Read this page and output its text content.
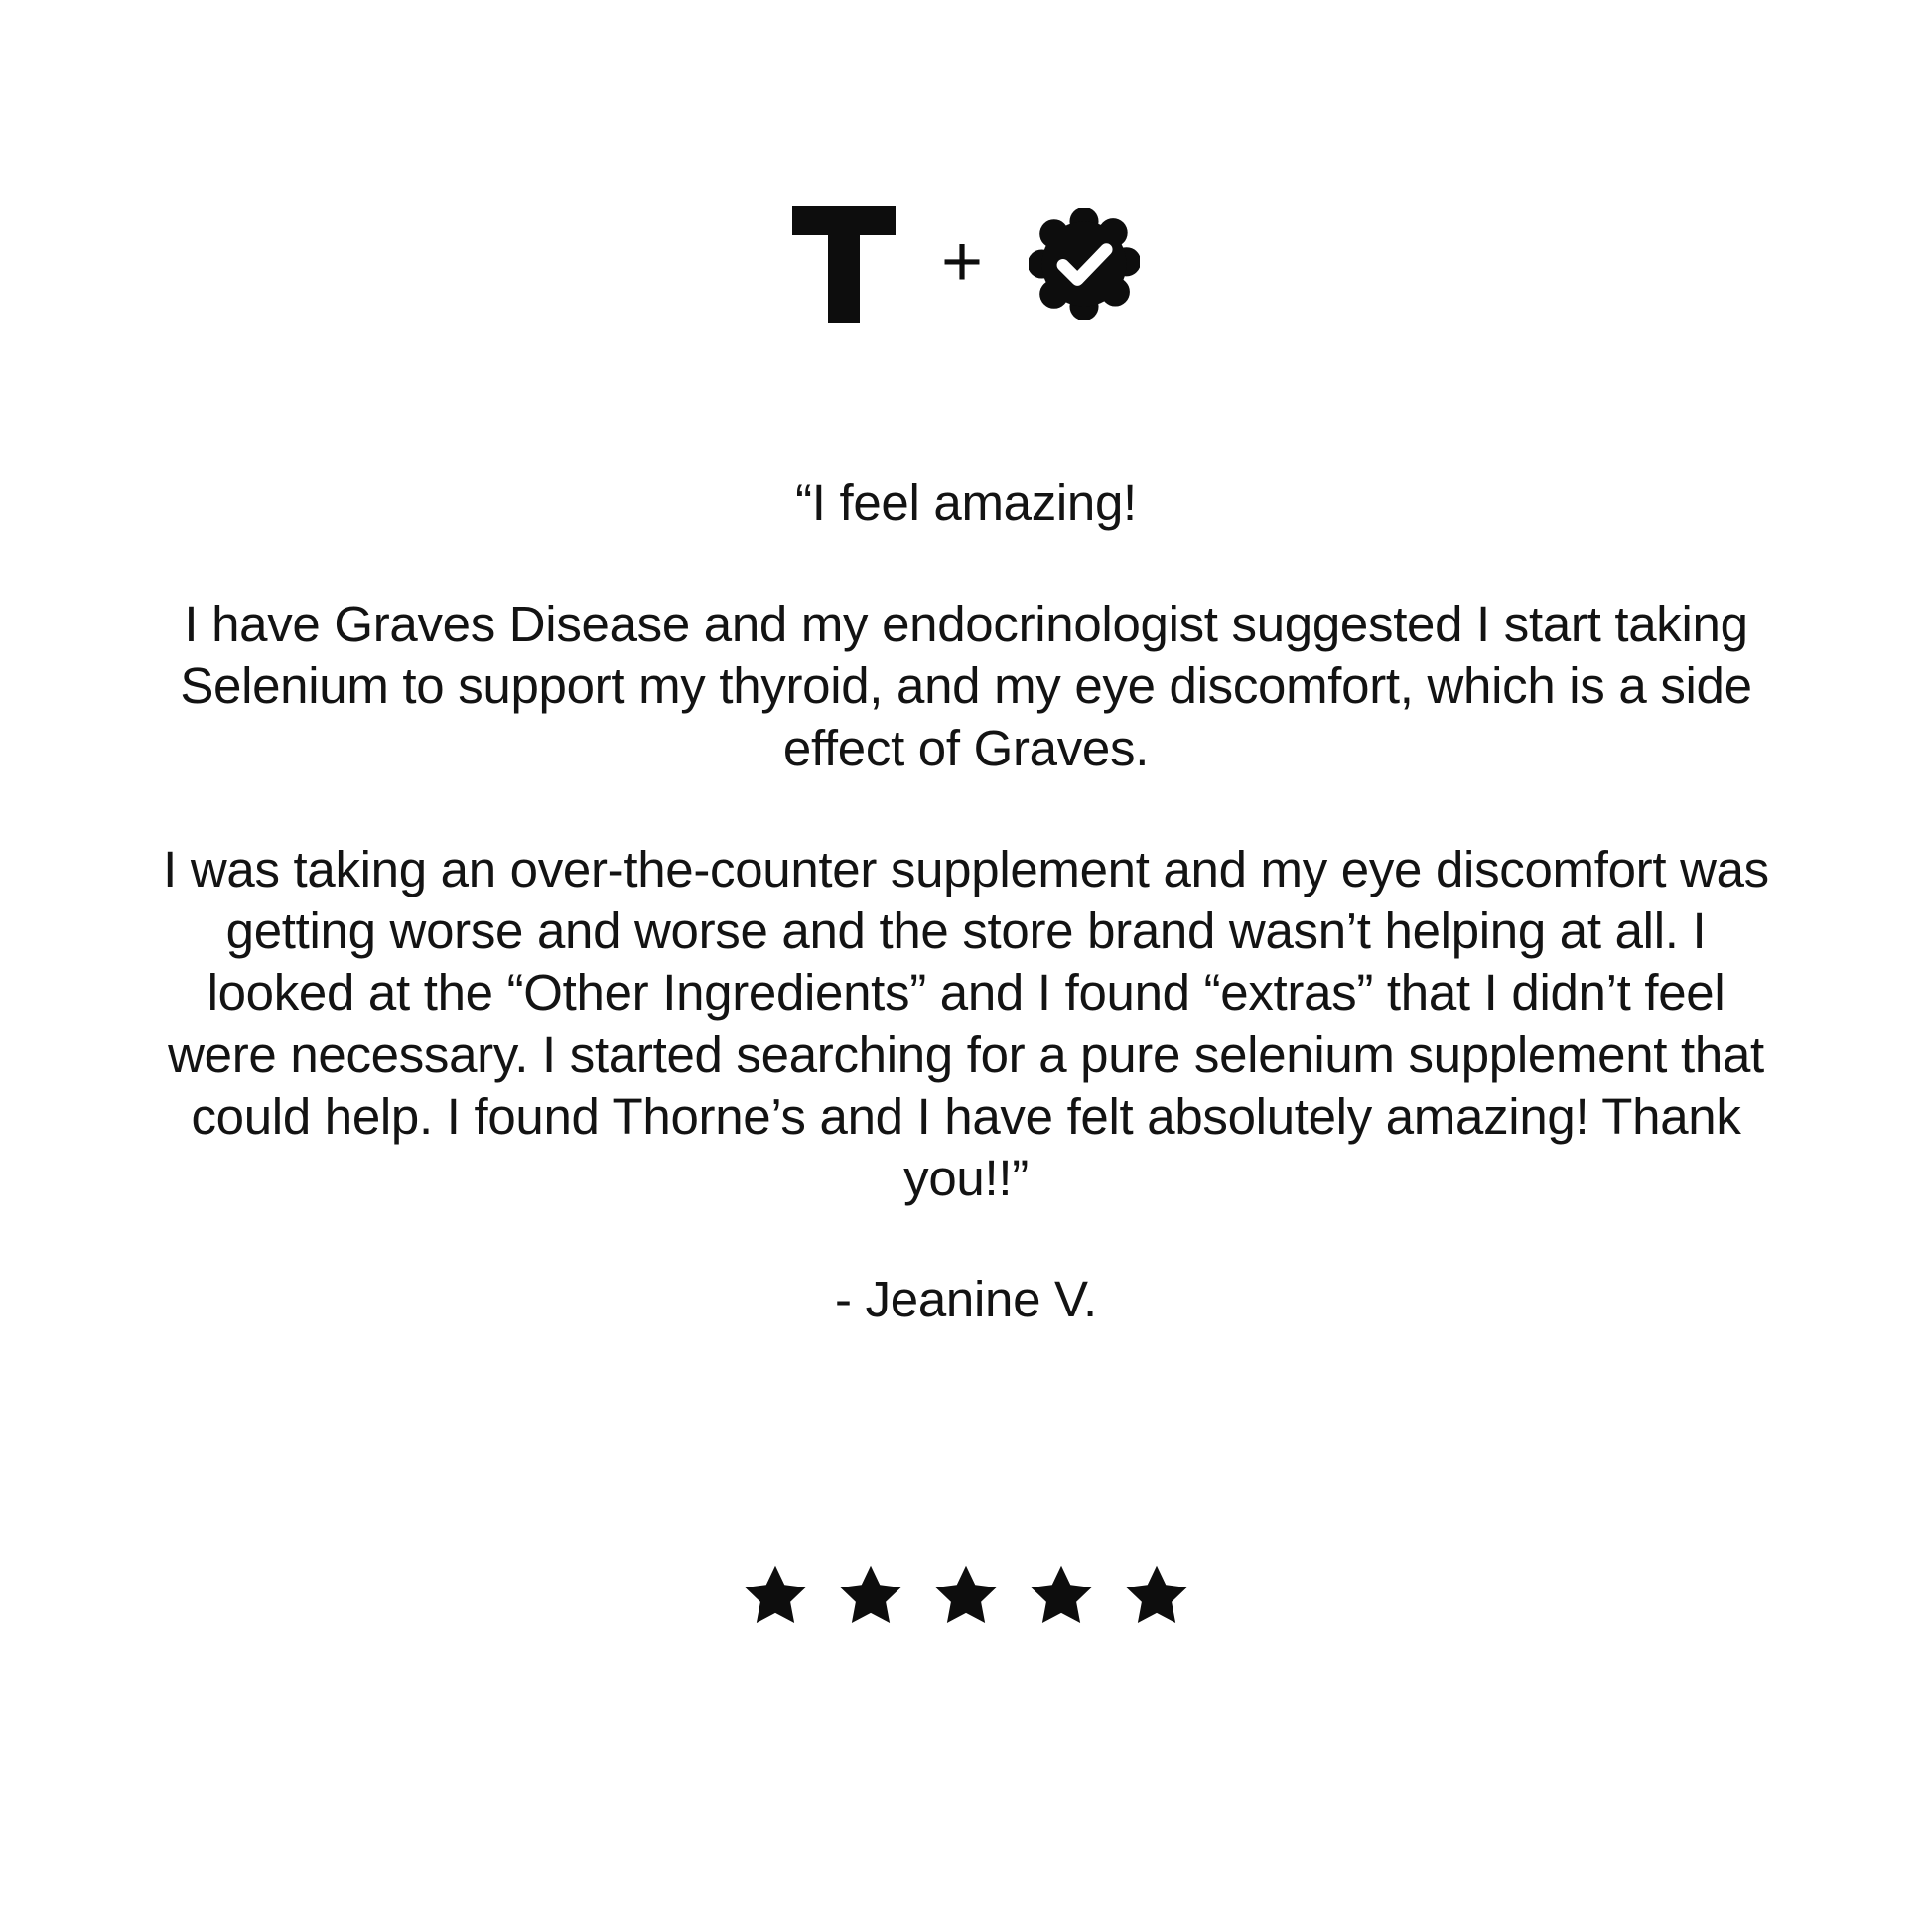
+

“I feel amazing!

I have Graves Disease and my endocrinologist suggested I start taking Selenium to support my thyroid, and my eye discomfort, which is a side effect of Graves.

I was taking an over-the-counter supplement and my eye discomfort was getting worse and worse and the store brand wasn’t helping at all. I looked at the “Other Ingredients” and I found “extras” that I didn’t feel were necessary. I started searching for a pure selenium supplement that could help. I found Thorne’s and I have felt absolutely amazing! Thank you!!”

- Jeanine V.
